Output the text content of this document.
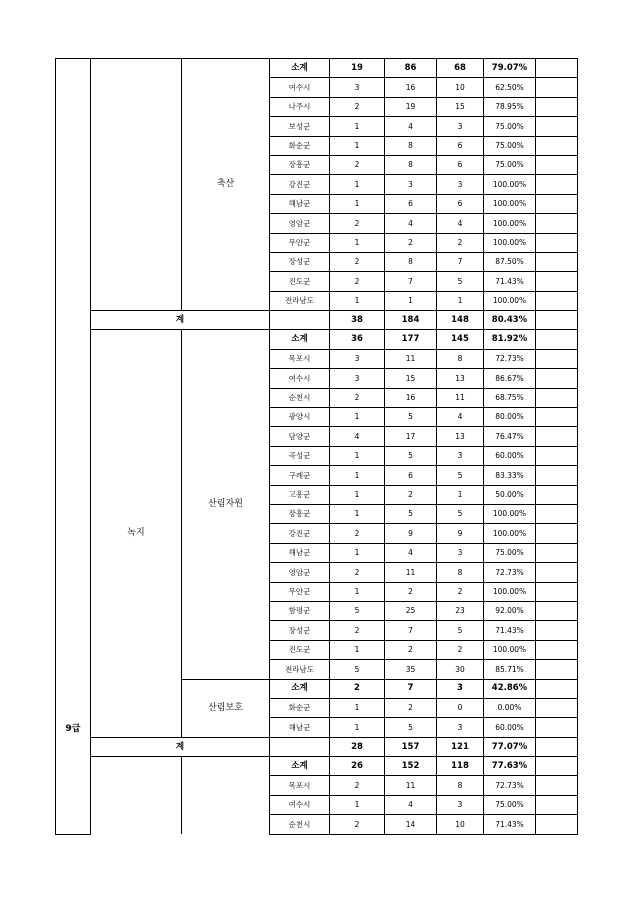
9급		축산	소계	19	86	68	79.07%	
			여수시	3	16	10	62.50%	
			나주시	2	19	15	78.95%	
			보성군	1	4	3	75.00%	
			화순군	1	8	6	75.00%	
			장흥군	2	8	6	75.00%	
			강진군	1	3	3	100.00%	
			해남군	1	6	6	100.00%	
			영암군	2	4	4	100.00%	
			무안군	1	2	2	100.00%	
			장성군	2	8	7	87.50%	
			진도군	2	7	5	71.43%	
			전라남도	1	1	1	100.00%	
	계			38	184	148	80.43%	
	녹지	산림자원	소계	36	177	145	81.92%	
			목포시	3	11	8	72.73%	
			여수시	3	15	13	86.67%	
			순천시	2	16	11	68.75%	
			광양시	1	5	4	80.00%	
			담양군	4	17	13	76.47%	
			곡성군	1	5	3	60.00%	
			구례군	1	6	5	83.33%	
			고흥군	1	2	1	50.00%	
			장흥군	1	5	5	100.00%	
			강진군	2	9	9	100.00%	
			해남군	1	4	3	75.00%	
			영암군	2	11	8	72.73%	
			무안군	1	2	2	100.00%	
			함평군	5	25	23	92.00%	
			장성군	2	7	5	71.43%	
			진도군	1	2	2	100.00%	
			전라남도	5	35	30	85.71%	
		산림보호	소계	2	7	3	42.86%	
			화순군	1	2	0	0.00%	
			해남군	1	5	3	60.00%	
	계			28	157	121	77.07%	
			소계	26	152	118	77.63%	
			목포시	2	11	8	72.73%	
			여수시	1	4	3	75.00%	
			순천시	2	14	10	71.43%	
